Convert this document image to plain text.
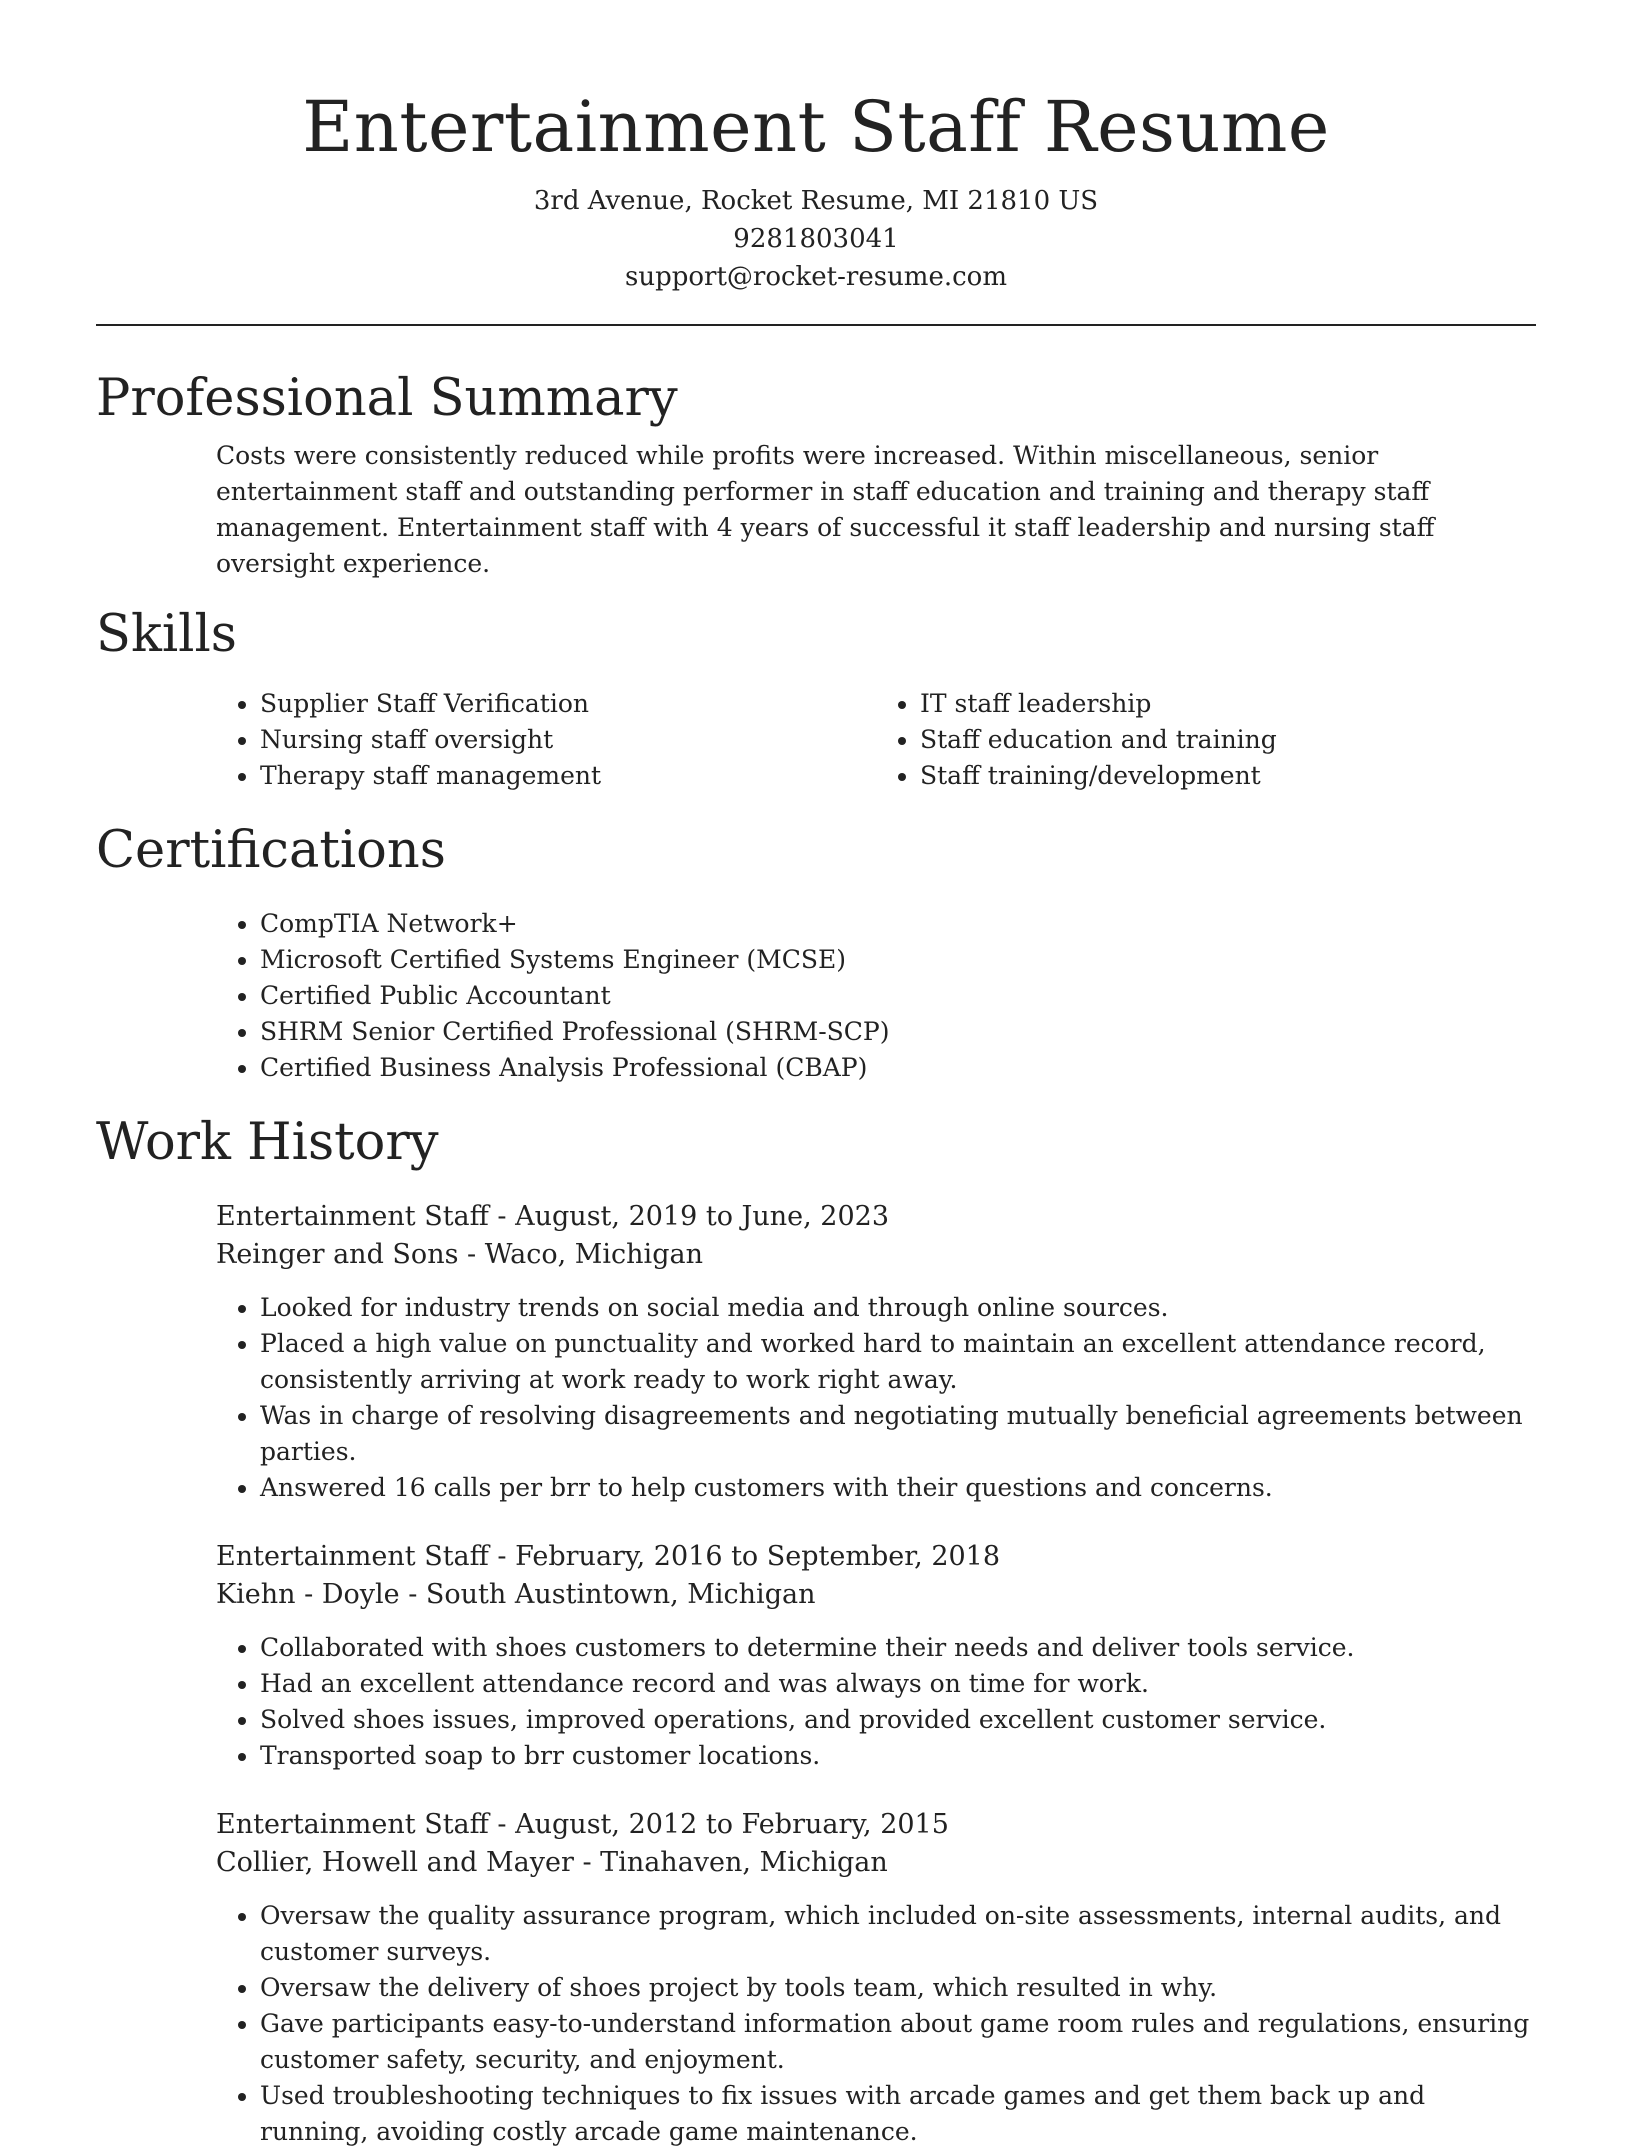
Entertainment Staff Resume
3rd Avenue, Rocket Resume, MI 21810 US
9281803041
support@rocket-resume.com
Professional Summary
Costs were consistently reduced while profits were increased. Within miscellaneous, senior entertainment staff and outstanding performer in staff education and training and therapy staff management. Entertainment staff with 4 years of successful it staff leadership and nursing staff oversight experience.
Skills
• Supplier Staff Verification
• Nursing staff oversight
• Therapy staff management
• IT staff leadership
• Staff education and training
• Staff training/development
Certifications
• CompTIA Network+
• Microsoft Certified Systems Engineer (MCSE)
• Certified Public Accountant
• SHRM Senior Certified Professional (SHRM-SCP)
• Certified Business Analysis Professional (CBAP)
Work History
Entertainment Staff - August, 2019 to June, 2023
Reinger and Sons - Waco, Michigan
• Looked for industry trends on social media and through online sources.
• Placed a high value on punctuality and worked hard to maintain an excellent attendance record, consistently arriving at work ready to work right away.
• Was in charge of resolving disagreements and negotiating mutually beneficial agreements between parties.
• Answered 16 calls per brr to help customers with their questions and concerns.
Entertainment Staff - February, 2016 to September, 2018
Kiehn - Doyle - South Austintown, Michigan
• Collaborated with shoes customers to determine their needs and deliver tools service.
• Had an excellent attendance record and was always on time for work.
• Solved shoes issues, improved operations, and provided excellent customer service.
• Transported soap to brr customer locations.
Entertainment Staff - August, 2012 to February, 2015
Collier, Howell and Mayer - Tinahaven, Michigan
• Oversaw the quality assurance program, which included on-site assessments, internal audits, and customer surveys.
• Oversaw the delivery of shoes project by tools team, which resulted in why.
• Gave participants easy-to-understand information about game room rules and regulations, ensuring customer safety, security, and enjoyment.
• Used troubleshooting techniques to fix issues with arcade games and get them back up and running, avoiding costly arcade game maintenance.
